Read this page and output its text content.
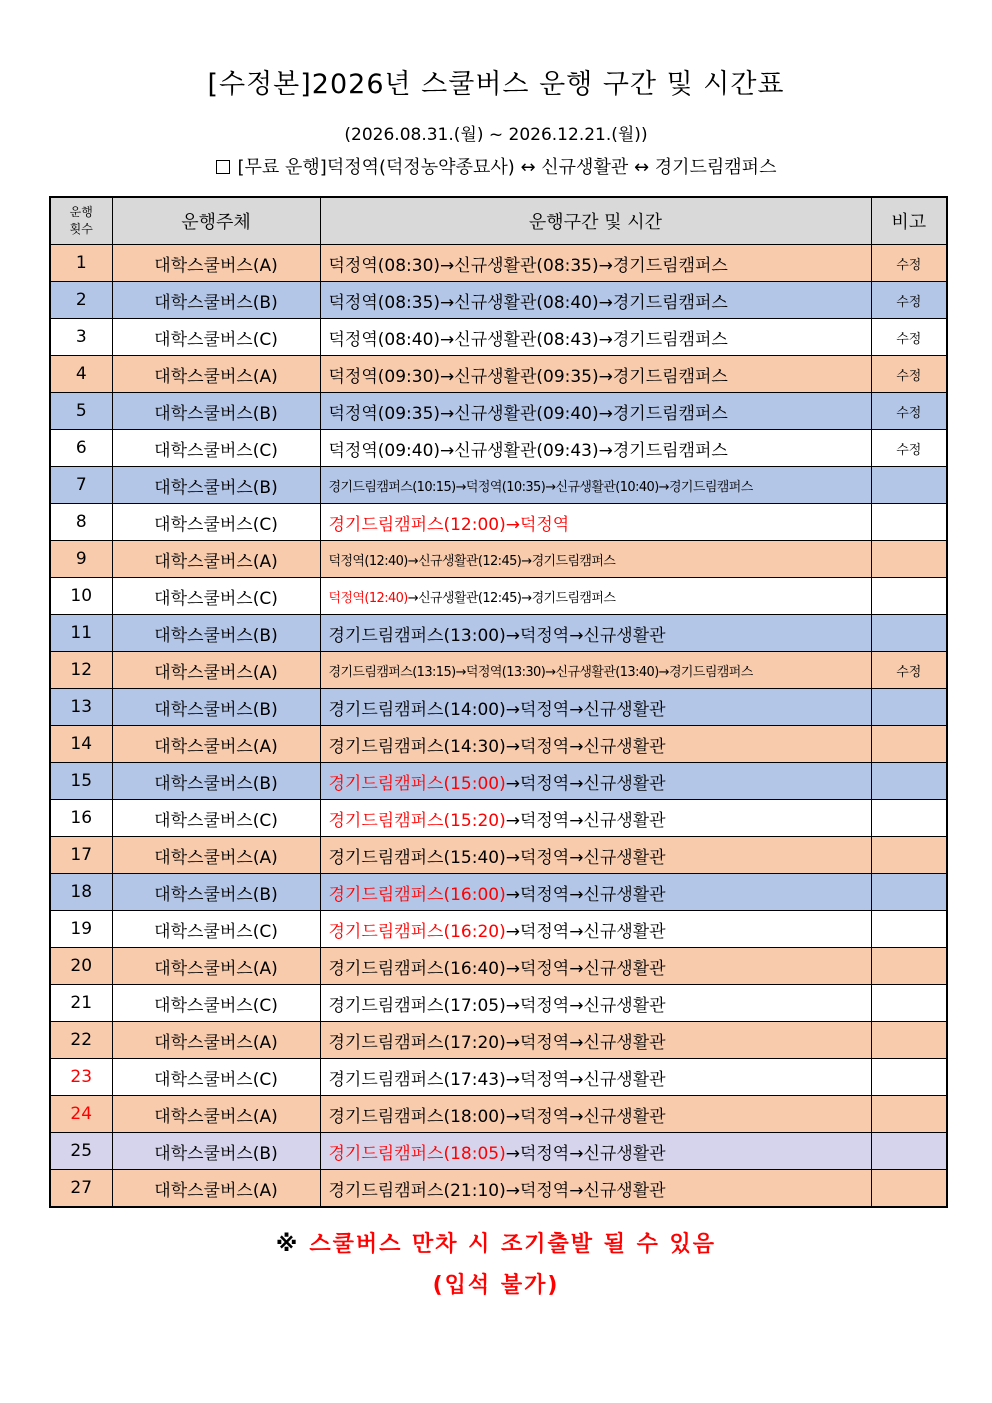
[수정본]2026년 스쿨버스 운행 구간 및 시간표
(2026.08.31.(월) ~ 2026.12.21.(월))
[무료 운행]덕정역(덕정농약종묘사) ↔ 신규생활관 ↔ 경기드림캠퍼스
운행
횟수	운행주체	운행구간 및 시간	비고
1	대학스쿨버스(A)	덕정역(08:30)→신규생활관(08:35)→경기드림캠퍼스	수정
2	대학스쿨버스(B)	덕정역(08:35)→신규생활관(08:40)→경기드림캠퍼스	수정
3	대학스쿨버스(C)	덕정역(08:40)→신규생활관(08:43)→경기드림캠퍼스	수정
4	대학스쿨버스(A)	덕정역(09:30)→신규생활관(09:35)→경기드림캠퍼스	수정
5	대학스쿨버스(B)	덕정역(09:35)→신규생활관(09:40)→경기드림캠퍼스	수정
6	대학스쿨버스(C)	덕정역(09:40)→신규생활관(09:43)→경기드림캠퍼스	수정
7	대학스쿨버스(B)	경기드림캠퍼스(10:15)→덕정역(10:35)→신규생활관(10:40)→경기드림캠퍼스	
8	대학스쿨버스(C)	경기드림캠퍼스(12:00)→덕정역	
9	대학스쿨버스(A)	덕정역(12:40)→신규생활관(12:45)→경기드림캠퍼스	
10	대학스쿨버스(C)	덕정역(12:40)→신규생활관(12:45)→경기드림캠퍼스	
11	대학스쿨버스(B)	경기드림캠퍼스(13:00)→덕정역→신규생활관	
12	대학스쿨버스(A)	경기드림캠퍼스(13:15)→덕정역(13:30)→신규생활관(13:40)→경기드림캠퍼스	수정
13	대학스쿨버스(B)	경기드림캠퍼스(14:00)→덕정역→신규생활관	
14	대학스쿨버스(A)	경기드림캠퍼스(14:30)→덕정역→신규생활관	
15	대학스쿨버스(B)	경기드림캠퍼스(15:00)→덕정역→신규생활관	
16	대학스쿨버스(C)	경기드림캠퍼스(15:20)→덕정역→신규생활관	
17	대학스쿨버스(A)	경기드림캠퍼스(15:40)→덕정역→신규생활관	
18	대학스쿨버스(B)	경기드림캠퍼스(16:00)→덕정역→신규생활관	
19	대학스쿨버스(C)	경기드림캠퍼스(16:20)→덕정역→신규생활관	
20	대학스쿨버스(A)	경기드림캠퍼스(16:40)→덕정역→신규생활관	
21	대학스쿨버스(C)	경기드림캠퍼스(17:05)→덕정역→신규생활관	
22	대학스쿨버스(A)	경기드림캠퍼스(17:20)→덕정역→신규생활관	
23	대학스쿨버스(C)	경기드림캠퍼스(17:43)→덕정역→신규생활관	
24	대학스쿨버스(A)	경기드림캠퍼스(18:00)→덕정역→신규생활관	
25	대학스쿨버스(B)	경기드림캠퍼스(18:05)→덕정역→신규생활관	
27	대학스쿨버스(A)	경기드림캠퍼스(21:10)→덕정역→신규생활관	
※ 스쿨버스 만차 시 조기출발 될 수 있음
(입석 불가)
